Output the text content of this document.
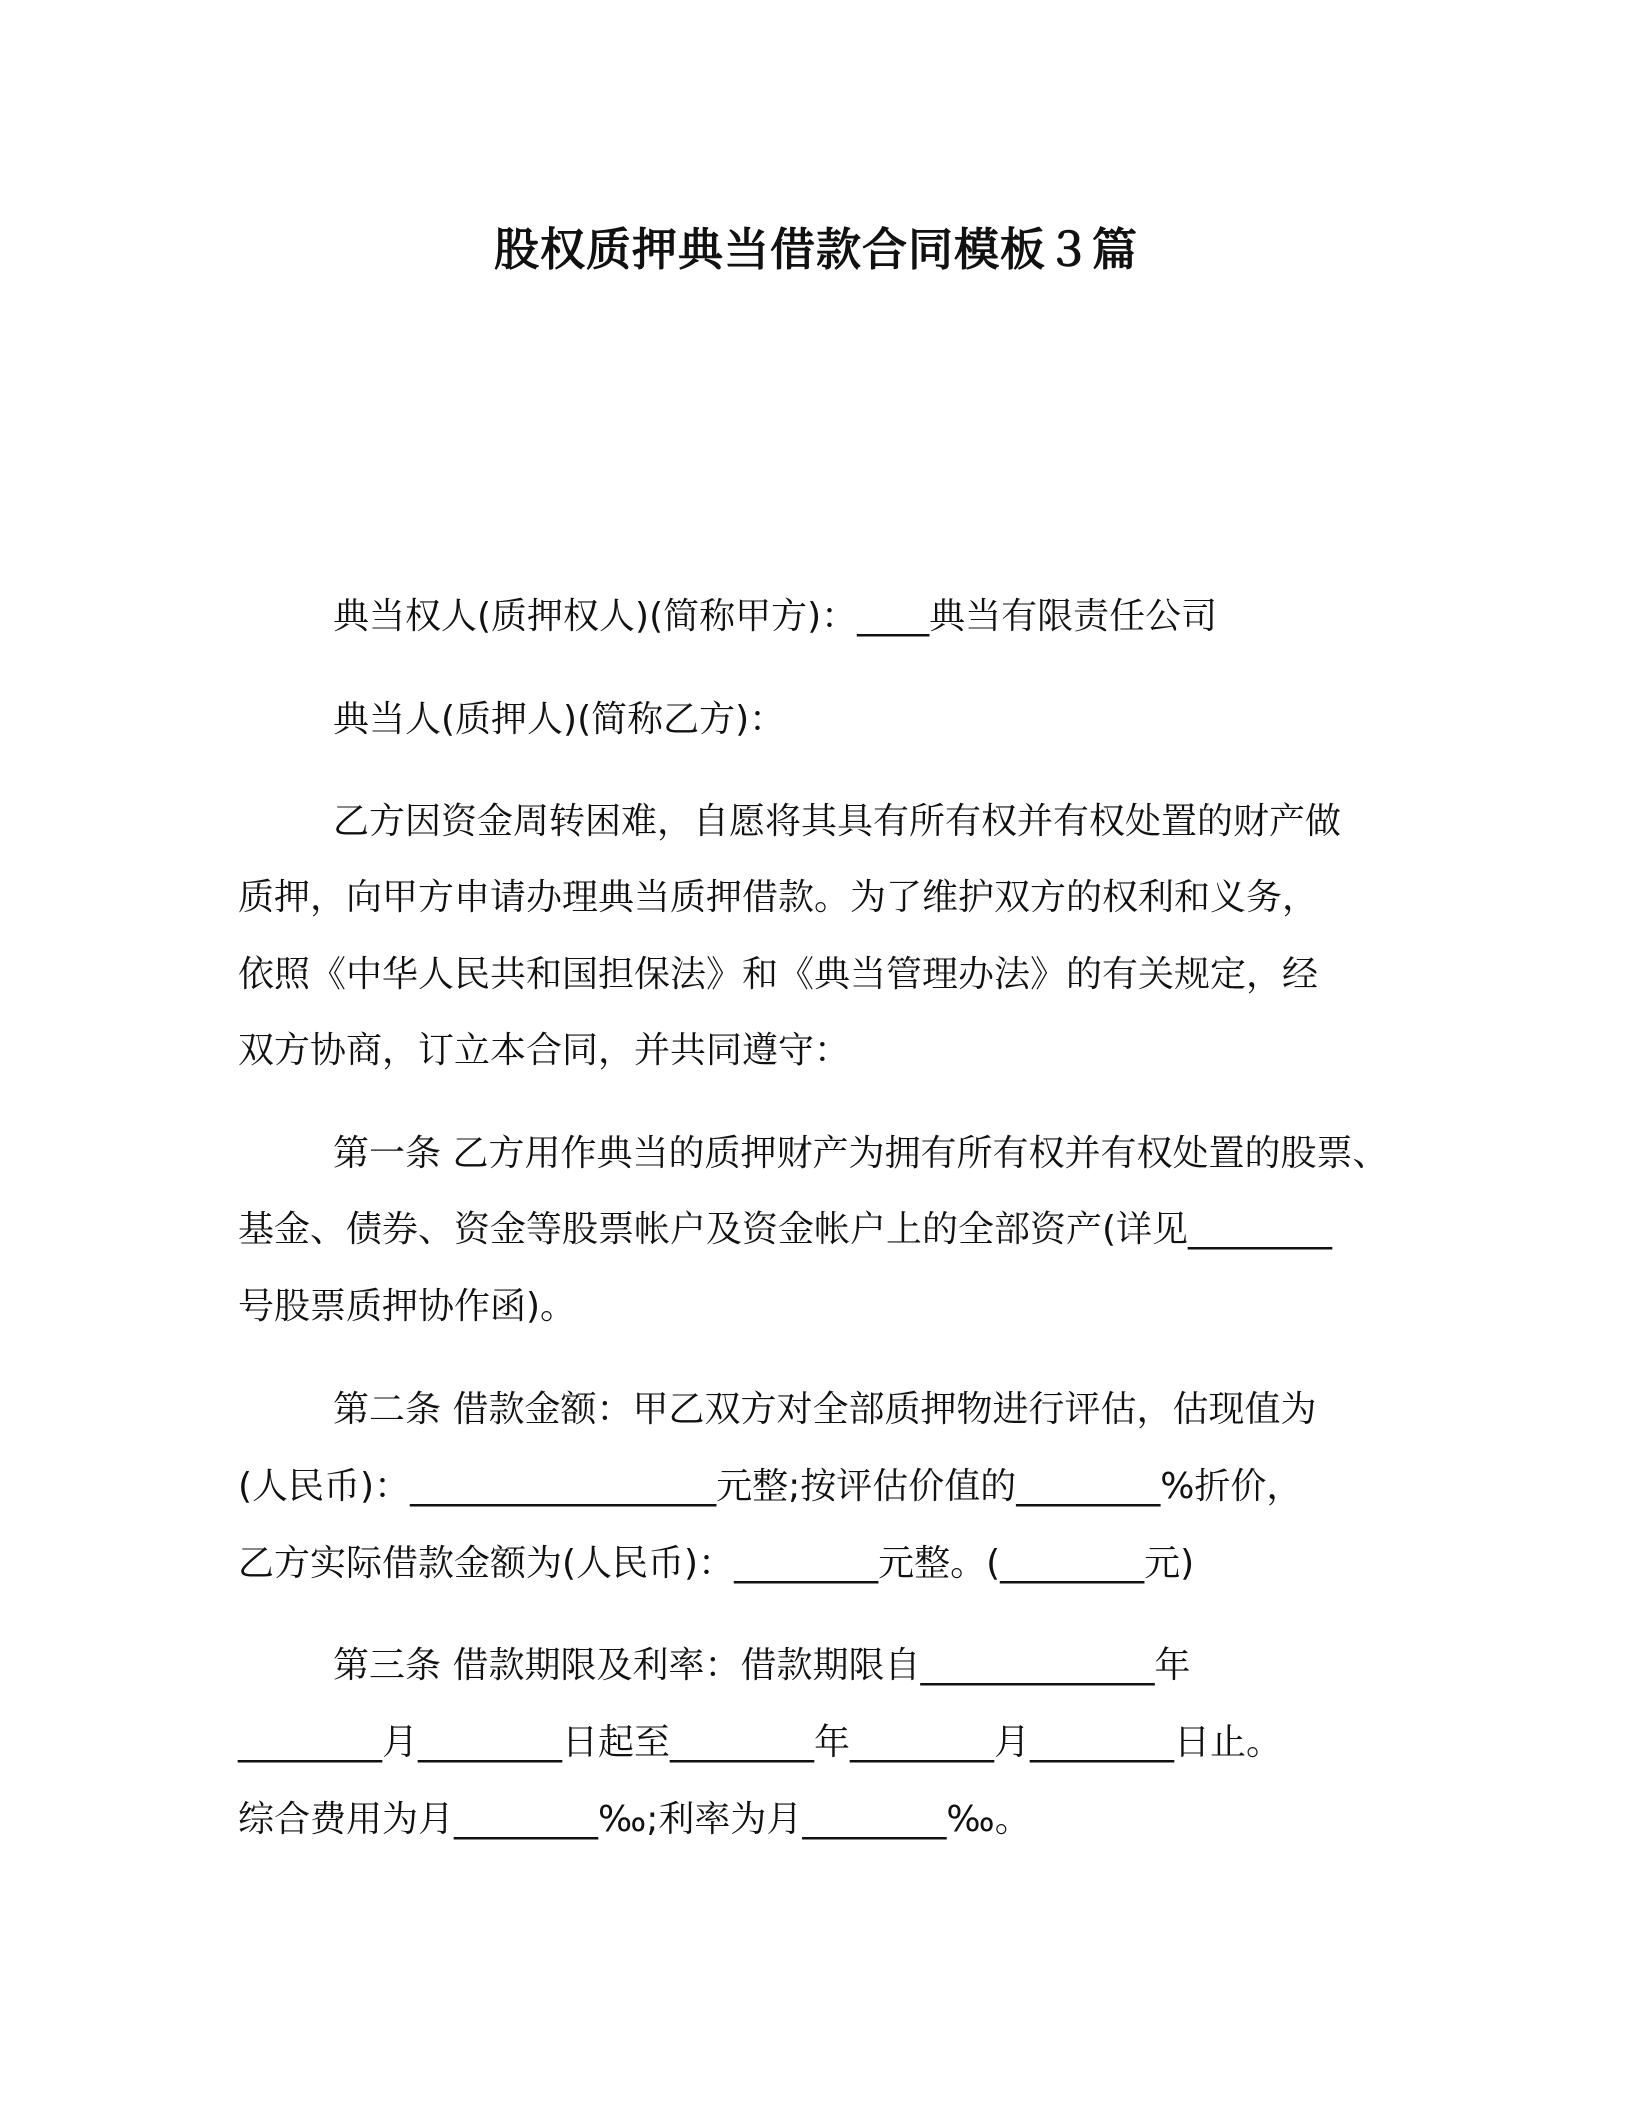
股权质押典当借款合同模板３篇
典当权人(质押权人)(简称甲方)：____典当有限责任公司
典当人(质押人)(简称乙方)：
乙方因资金周转困难，自愿将其具有所有权并有权处置的财产做
质押，向甲方申请办理典当质押借款。为了维护双方的权利和义务，
依照《中华人民共和国担保法》和《典当管理办法》的有关规定，经
双方协商，订立本合同，并共同遵守：
第一条 乙方用作典当的质押财产为拥有所有权并有权处置的股票、
基金、债券、资金等股票帐户及资金帐户上的全部资产(详见________
号股票质押协作函)。
第二条 借款金额：甲乙双方对全部质押物进行评估，估现值为
(人民币)：_________________元整;按评估价值的________%折价，
乙方实际借款金额为(人民币)：________元整。(________元)
第三条 借款期限及利率：借款期限自_____________年
________月________日起至________年________月________日止。
综合费用为月________‰;利率为月________‰。
